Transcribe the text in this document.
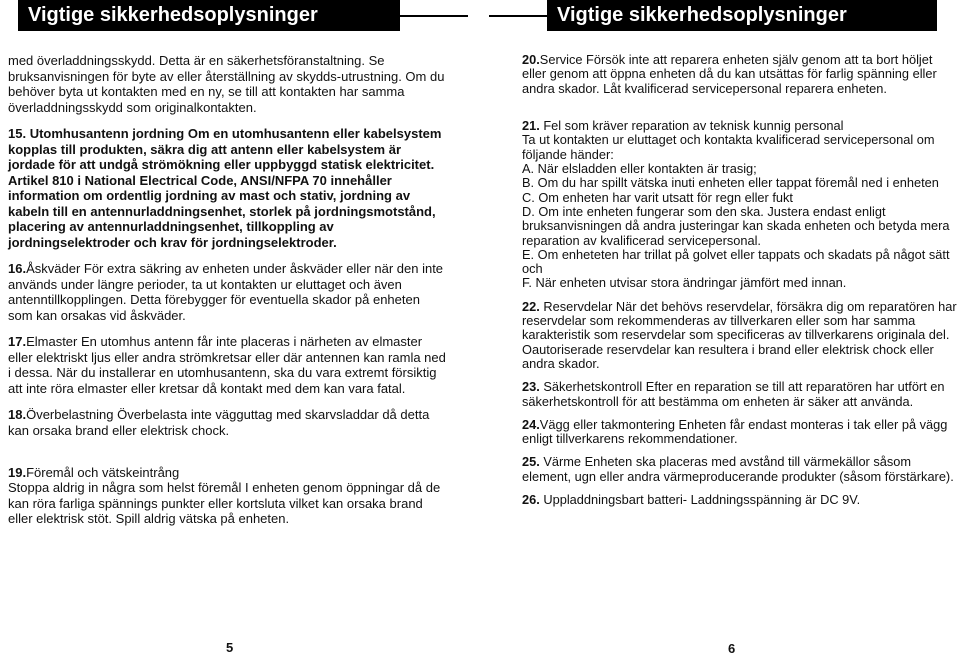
Vigtige sikkerhedsoplysninger

med överladdningsskydd. Detta är en säkerhetsföranstaltning. Se bruksanvisningen för byte av eller återställning av skydds-utrustning. Om du behöver byta ut kontakten med en ny, se till att kontakten har samma överladdningsskydd som originalkontakten.

15. Utomhusantenn jordning Om en utomhusantenn eller kabelsystem kopplas till produkten, säkra dig att antenn eller kabelsystem är jordade för att undgå strömökning eller uppbyggd statisk elektricitet. Artikel 810 i National Electrical Code, ANSI/NFPA 70 innehåller information om ordentlig jordning av mast och stativ, jordning av kabeln till en antennurladdningsenhet, storlek på jordningsmotstånd, placering av antennurladdningsenhet, tillkoppling av jordningselektroder och krav för jordningselektroder.

16.Åskväder För extra säkring av enheten under åskväder eller när den inte används under längre perioder, ta ut kontakten ur eluttaget och även antenntillkopplingen. Detta förebygger för eventuella skador på enheten som kan orsakas vid åskväder.

17.Elmaster En utomhus antenn får inte placeras i närheten av elmaster eller elektriskt ljus eller andra strömkretsar eller där antennen kan ramla ned i dessa. När du installerar en utomhusantenn, ska du vara extremt försiktig att inte röra elmaster eller kretsar då kontakt med dem kan vara fatal.

18.Överbelastning Överbelasta inte vägguttag med skarvsladdar då detta kan orsaka brand eller elektrisk chock.

19.Föremål och vätskeintrång
Stoppa aldrig in några som helst föremål I enheten genom öppningar då de kan röra farliga spännings punkter eller kortsluta vilket kan orsaka brand eller elektrisk stöt. Spill aldrig vätska på enheten.

5
Vigtige sikkerhedsoplysninger

20.Service Försök inte att reparera enheten själv genom att ta bort höljet eller genom att öppna enheten då du kan utsättas för farlig spänning eller andra skador. Låt kvalificerad servicepersonal reparera enheten.

21. Fel som kräver reparation av teknisk kunnig personal
Ta ut kontakten ur eluttaget och kontakta kvalificerad servicepersonal om följande händer:
A. När elsladden eller kontakten är trasig;
B. Om du har spillt vätska inuti enheten eller tappat föremål ned i enheten
C. Om enheten har varit utsatt för regn eller fukt
D. Om inte enheten fungerar som den ska. Justera endast enligt bruksanvisningen då andra justeringar kan skada enheten och betyda mera reparation av kvalificerad servicepersonal.
E. Om enheteten har trillat på golvet eller tappats och skadats på något sätt och
F. När enheten utvisar stora ändringar jämfört med innan.

22. Reservdelar När det behövs reservdelar, försäkra dig om reparatören har reservdelar som rekommenderas av tillverkaren eller som har samma karakteristik som reservdelar som specificeras av tillverkarens originala del. Oautoriserade reservdelar kan resultera i brand eller elektrisk chock eller andra skador.

23. Säkerhetskontroll Efter en reparation se till att reparatören har utfört en säkerhetskontroll för att bestämma om enheten är säker att använda.

24.Vägg eller takmontering Enheten får endast monteras i tak eller på vägg enligt tillverkarens rekommendationer.

25. Värme Enheten ska placeras med avstånd till värmekällor såsom element, ugn eller andra värmeproducerande produkter (såsom förstärkare).

26. Uppladdningsbart batteri- Laddningsspänning är DC 9V.

6
